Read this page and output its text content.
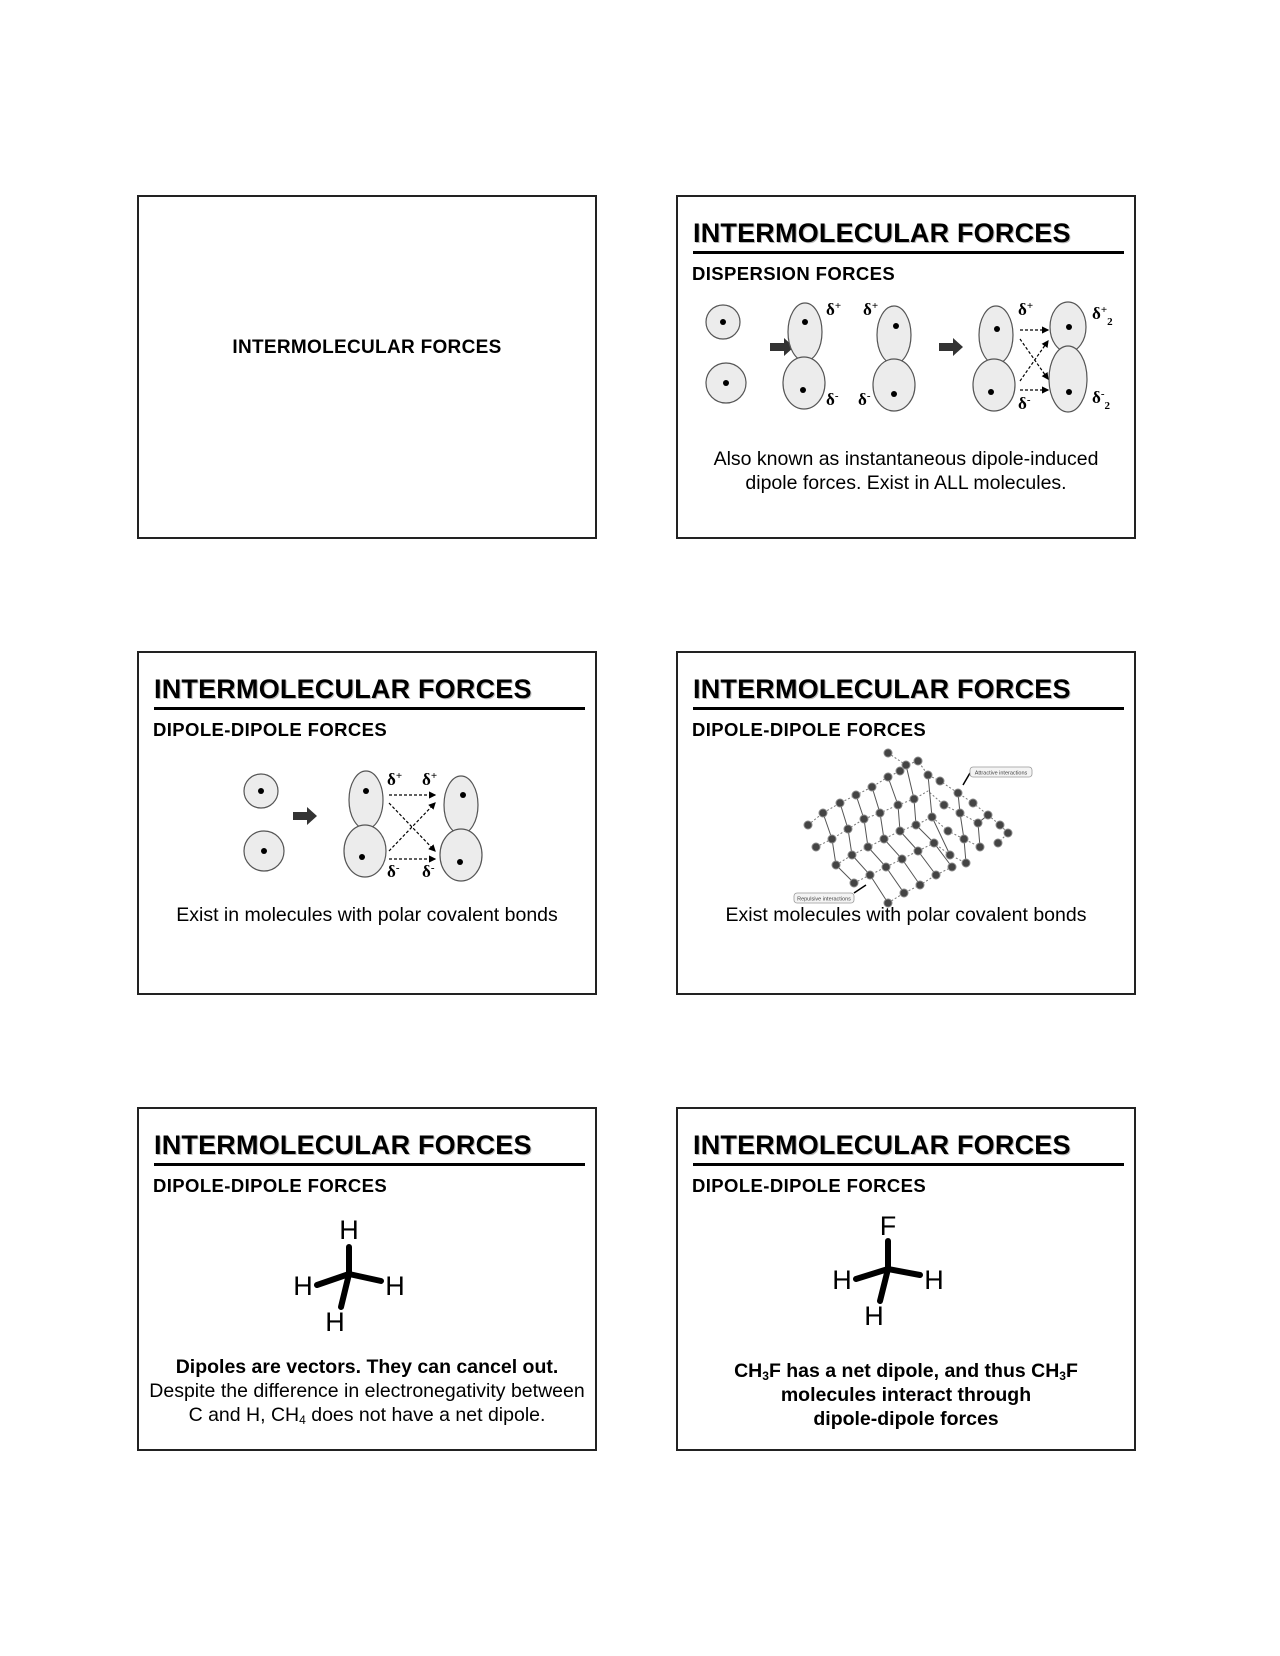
INTERMOLECULAR FORCES
INTERMOLECULAR FORCES
DISPERSION FORCES
δ+ δ+
δ- δ-
δ+
δ-
$\delta^+_2$
$\delta^-_2$
Also known as instantaneous dipole-induced
dipole forces. Exist in ALL molecules.
INTERMOLECULAR FORCES
DIPOLE-DIPOLE FORCES
δ+ δ+
δ- δ-
Exist in molecules with polar covalent bonds
INTERMOLECULAR FORCES
DIPOLE-DIPOLE FORCES
Attractive interactions
Repulsive interactions
Exist molecules with polar covalent bonds
INTERMOLECULAR FORCES
DIPOLE-DIPOLE FORCES
H
H	H
H
Dipoles are vectors. They can cancel out.
Despite the difference in electronegativity between
C and H, $CH_4$ does not have a net dipole.
INTERMOLECULAR FORCES
DIPOLE-DIPOLE FORCES
F
H	H
H
$CH_3F$ has a net dipole, and thus $CH_3F$
molecules interact through
dipole-dipole forces
